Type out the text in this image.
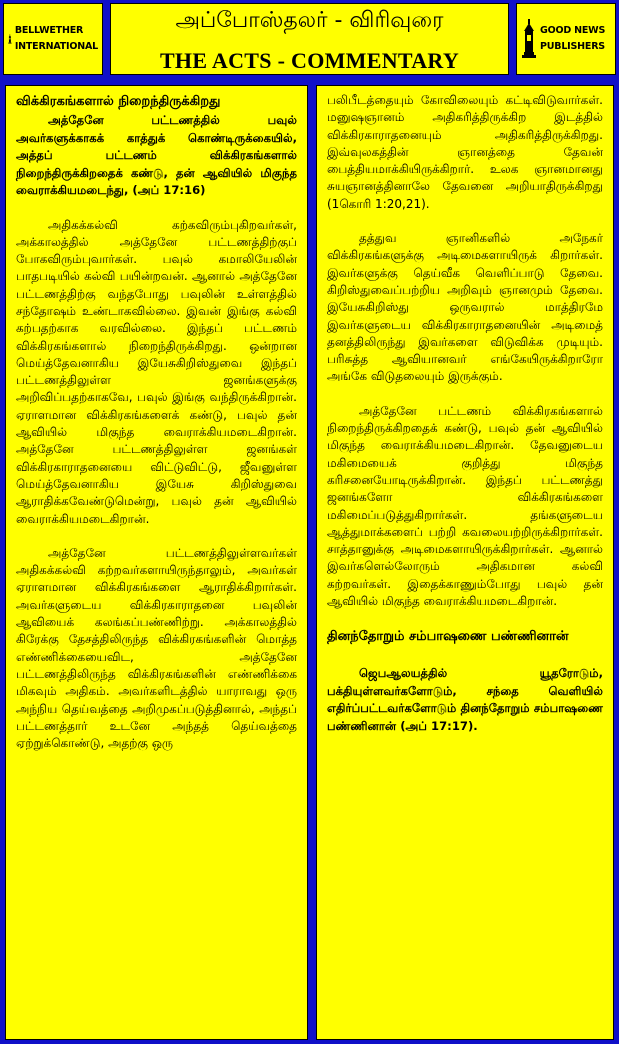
BELLWETHER
INTERNATIONAL
அப்போஸ்தலர் - விரிவுரை
THE ACTS - COMMENTARY
GOOD NEWS
PUBLISHERS

விக்கிரகங்களால் நிறைந்திருக்கிறது

அத்தேனே பட்டணத்தில் பவுல் அவர்களுக்காகக் காத்துக் கொண்டிருக்கையில், அத்தப் பட்டணம் விக்கிரகங்களால் நிறைந்திருக்கிறதைக் கண்டு, தன் ஆவியில் மிகுந்த வைராக்கியமடைந்து, (அப் 17:16)

அதிகக்கல்வி கற்கவிரும்புகிறவர்கள், அக்காலத்தில் அத்தேனே பட்டணத்திற்குப் போகவிரும்புவார்கள். பவுல் கமாலியேலின் பாதபடியில் கல்வி பயின்றவன். ஆனால் அத்தேனே பட்டணத்திற்கு வந்தபோது பவுலின் உள்ளத்தில் சந்தோஷம் உண்டாகவில்லை. இவன் இங்கு கல்வி கற்பதற்காக வரவில்லை. இந்தப் பட்டணம் விக்கிரகங்களால் நிறைந்திருக்கிறது. ஒன்றான மெய்த்தேவனாகிய இயேசுகிறிஸ்துவை இந்தப் பட்டணத்திலுள்ள ஜனங்களுக்கு அறிவிப்பதற்காகவே, பவுல் இங்கு வந்திருக்கிறான். ஏராளமான விக்கிரகங்களைக் கண்டு, பவுல் தன் ஆவியில் மிகுந்த வைராக்கியமடைகிறான். அத்தேனே பட்டணத்திலுள்ள ஜனங்கள் விக்கிரகாராதனையை விட்டுவிட்டு, ஜீவனுள்ள மெய்த்தேவனாகிய இயேசு கிறிஸ்துவை ஆராதிக்கவேண்டுமென்று, பவுல் தன் ஆவியில் வைராக்கியமடைகிறான்.

அத்தேனே பட்டணத்திலுள்ளவர்கள் அதிகக்கல்வி கற்றவர்களாயிருந்தாலும், அவர்கள் ஏராளமான விக்கிரகங்களை ஆராதிக்கிறார்கள். அவர்களுடைய விக்கிரகாராதனை பவுலின் ஆவியைக் கலங்கப்பண்ணிற்று. அக்காலத்தில் கிரேக்கு தேசத்திலிருந்த விக்கிரகங்களின் மொத்த எண்ணிக்கையைவிட, அத்தேனே பட்டணத்திலிருந்த விக்கிரகங்களின் எண்ணிக்கை மிகவும் அதிகம். அவர்களிடத்தில் யாராவது ஒரு அந்நிய தெய்வத்தை அறிமுகப்படுத்தினால், அந்தப் பட்டணத்தார் உடனே அந்தத் தெய்வத்தை ஏற்றுக்கொண்டு, அதற்கு ஒரு

பலிபீடத்தையும் கோவிலையும் கட்டிவிடுவார்கள். மனுஷஞானம் அதிகரித்திருக்கிற இடத்தில் விக்கிரகாராதனையும் அதிகரித்திருக்கிறது. இவ்வுலகத்தின் ஞானத்தை தேவன் பைத்தியமாக்கியிருக்கிறார். உலக ஞானமானது சுயஞானத்தினாலே தேவனை அறியாதிருக்கிறது (1கொரி 1:20,21).

தத்துவ ஞானிகளில் அநேகர் விக்கிரகங்களுக்கு அடிமைகளாயிருக் கிறார்கள். இவர்களுக்கு தெய்வீக வெளிப்பாடு தேவை. கிறிஸ்துவைப்பற்றிய அறிவும் ஞானமும் தேவை. இயேசுகிறிஸ்து ஒருவரால் மாத்திரமே இவர்களுடைய விக்கிரகாராதனையின் அடிமைத் தனத்திலிருந்து இவர்களை விடுவிக்க முடியும். பரிசுத்த ஆவியானவர் எங்கேயிருக்கிறாரோ அங்கே விடுதலையும் இருக்கும்.

அத்தேனே பட்டணம் விக்கிரகங்களால் நிறைந்திருக்கிறதைக் கண்டு, பவுல் தன் ஆவியில் மிகுந்த வைராக்கியமடைகிறான். தேவனுடைய மகிமையைக் குறித்து மிகுந்த கரிசனையோடிருக்கிறான். இந்தப் பட்டணத்து ஜனங்களோ விக்கிரகங்களை மகிமைப்படுத்துகிறார்கள். தங்களுடைய ஆத்துமாக்களைப் பற்றி கவலையற்றிருக்கிறார்கள். சாத்தானுக்கு அடிமைகளாயிருக்கிறார்கள். ஆனால் இவர்களெல்லோரும் அதிகமான கல்வி கற்றவர்கள். இதைக்காணும்போது பவுல் தன் ஆவியில் மிகுந்த வைராக்கியமடைகிறான்.

தினந்தோறும் சம்பாஷணை பண்ணினான்

ஜெபஆலயத்தில் யூதரோடும், பக்தியுள்ளவர்களோடும், சந்தை வெளியில் எதிர்ப்பட்டவர்களோடும் தினந்தோறும் சம்பாஷணை பண்ணினான் (அப் 17:17).
